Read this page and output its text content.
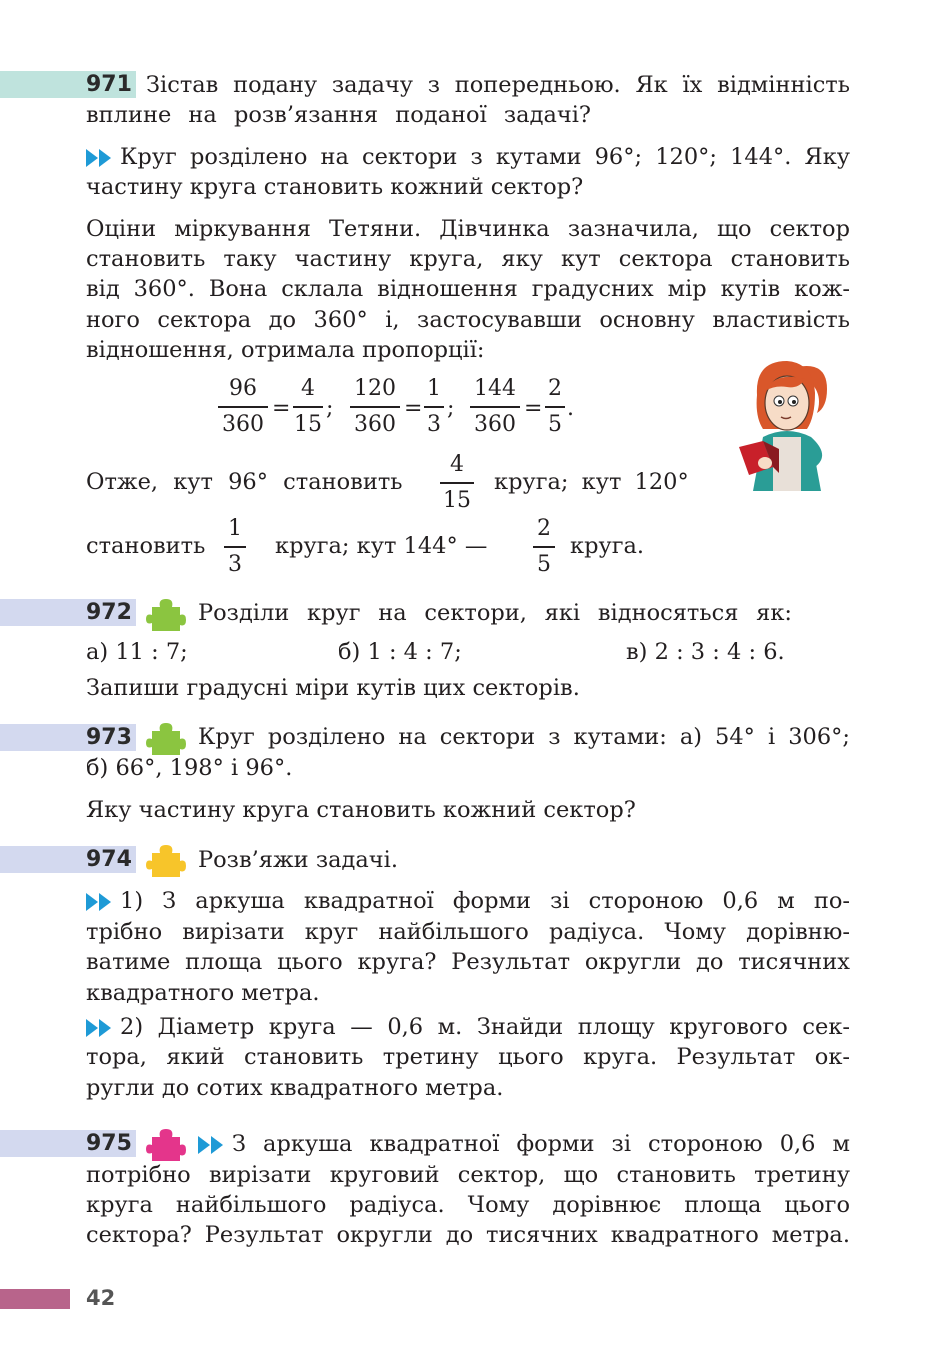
971 Зістав подану задачу з попередньою. Як їх відмінність
вплине на розв’язання поданої задачі?
Круг розділено на сектори з кутами 96°; 120°; 144°. Яку
частину круга становить кожний сектор?
Оціни міркування Тетяни. Дівчинка зазначила, що сектор
становить таку частину круга, яку кут сектора становить
від 360°. Вона склала відношення градусних мір кутів кож-
ного сектора до 360° і, застосувавши основну властивість
відношення, отримала пропорції:
96
360
=
4
15
;
120
360
=
1
3
;
144
360
=
2
5
.
Отже, кут 96° становить
4
15
круга; кут 120°
становить
1
3
круга; кут 144° —
2
5
круга.
972	Розділи круг на сектори, які відносяться як:
а) 11 : 7;	б) 1 : 4 : 7;	в) 2 : 3 : 4 : 6.
Запиши градусні міри кутів цих секторів.
973	Круг розділено на сектори з кутами: а) 54° і 306°;
б) 66°, 198° і 96°.
Яку частину круга становить кожний сектор?
974	Розв’яжи задачі.
1) З аркуша квадратної форми зі стороною 0,6 м по-
трібно вирізати круг найбільшого радіуса. Чому дорівню-
ватиме площа цього круга? Результат округли до тисячних
квадратного метра.
2) Діаметр круга — 0,6 м. Знайди площу кругового сек-
тора, який становить третину цього круга. Результат ок-
ругли до сотих квадратного метра.
975	З аркуша квадратної форми зі стороною 0,6 м
потрібно вирізати круговий сектор, що становить третину
круга найбільшого радіуса. Чому дорівнює площа цього
сектора? Результат округли до тисячних квадратного метра.
42
